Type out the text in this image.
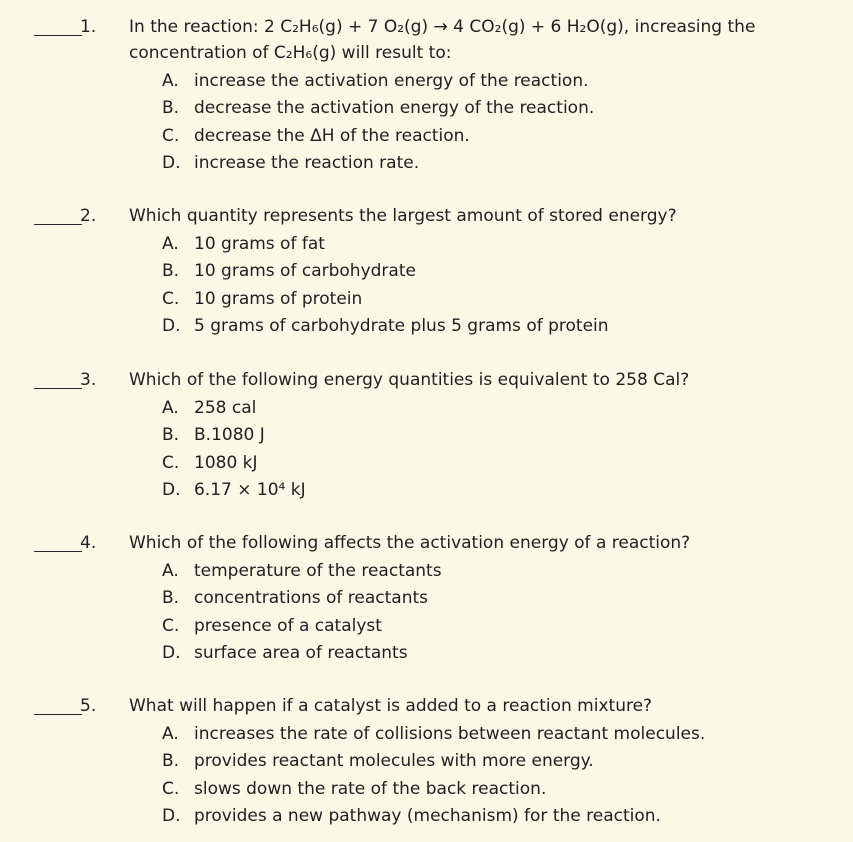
1. In the reaction: 2 C₂H₆(g) + 7 O₂(g) → 4 CO₂(g) + 6 H₂O(g), increasing the
concentration of C₂H₆(g) will result to:
A. increase the activation energy of the reaction.
B. decrease the activation energy of the reaction.
C. decrease the ΔH of the reaction.
D. increase the reaction rate.
2. Which quantity represents the largest amount of stored energy?
A. 10 grams of fat
B. 10 grams of carbohydrate
C. 10 grams of protein
D. 5 grams of carbohydrate plus 5 grams of protein
3. Which of the following energy quantities is equivalent to 258 Cal?
A. 258 cal
B. B.1080 J
C. 1080 kJ
D. 6.17 × 10⁴ kJ
4. Which of the following affects the activation energy of a reaction?
A. temperature of the reactants
B. concentrations of reactants
C. presence of a catalyst
D. surface area of reactants
5. What will happen if a catalyst is added to a reaction mixture?
A. increases the rate of collisions between reactant molecules.
B. provides reactant molecules with more energy.
C. slows down the rate of the back reaction.
D. provides a new pathway (mechanism) for the reaction.
